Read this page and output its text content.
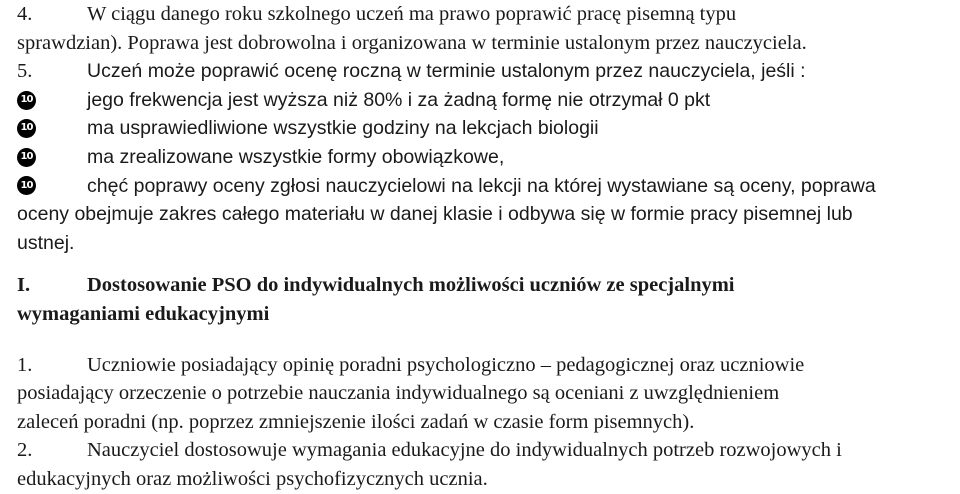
4.	W ciągu danego roku szkolnego uczeń ma prawo poprawić pracę pisemną typu
sprawdzian). Poprawa jest dobrowolna i organizowana w terminie ustalonym przez nauczyciela.
5.	Uczeń może poprawić ocenę roczną w terminie ustalonym przez nauczyciela, jeśli :
10	jego frekwencja jest wyższa niż 80% i za żadną formę nie otrzymał 0 pkt
10	ma usprawiedliwione wszystkie godziny na lekcjach biologii
10	ma zrealizowane wszystkie formy obowiązkowe,
10	chęć poprawy oceny zgłosi nauczycielowi na lekcji na której wystawiane są oceny, poprawa
oceny obejmuje zakres całego materiału w danej klasie i odbywa się w formie pracy pisemnej lub
ustnej.
I.	Dostosowanie PSO do indywidualnych możliwości uczniów ze specjalnymi
wymaganiami edukacyjnymi
1.	Uczniowie posiadający opinię poradni psychologiczno – pedagogicznej oraz uczniowie
posiadający orzeczenie o potrzebie nauczania indywidualnego są oceniani z uwzględnieniem
zaleceń poradni (np. poprzez zmniejszenie ilości zadań w czasie form pisemnych).
2.	Nauczyciel dostosowuje wymagania edukacyjne do indywidualnych potrzeb rozwojowych i
edukacyjnych oraz możliwości psychofizycznych ucznia.
